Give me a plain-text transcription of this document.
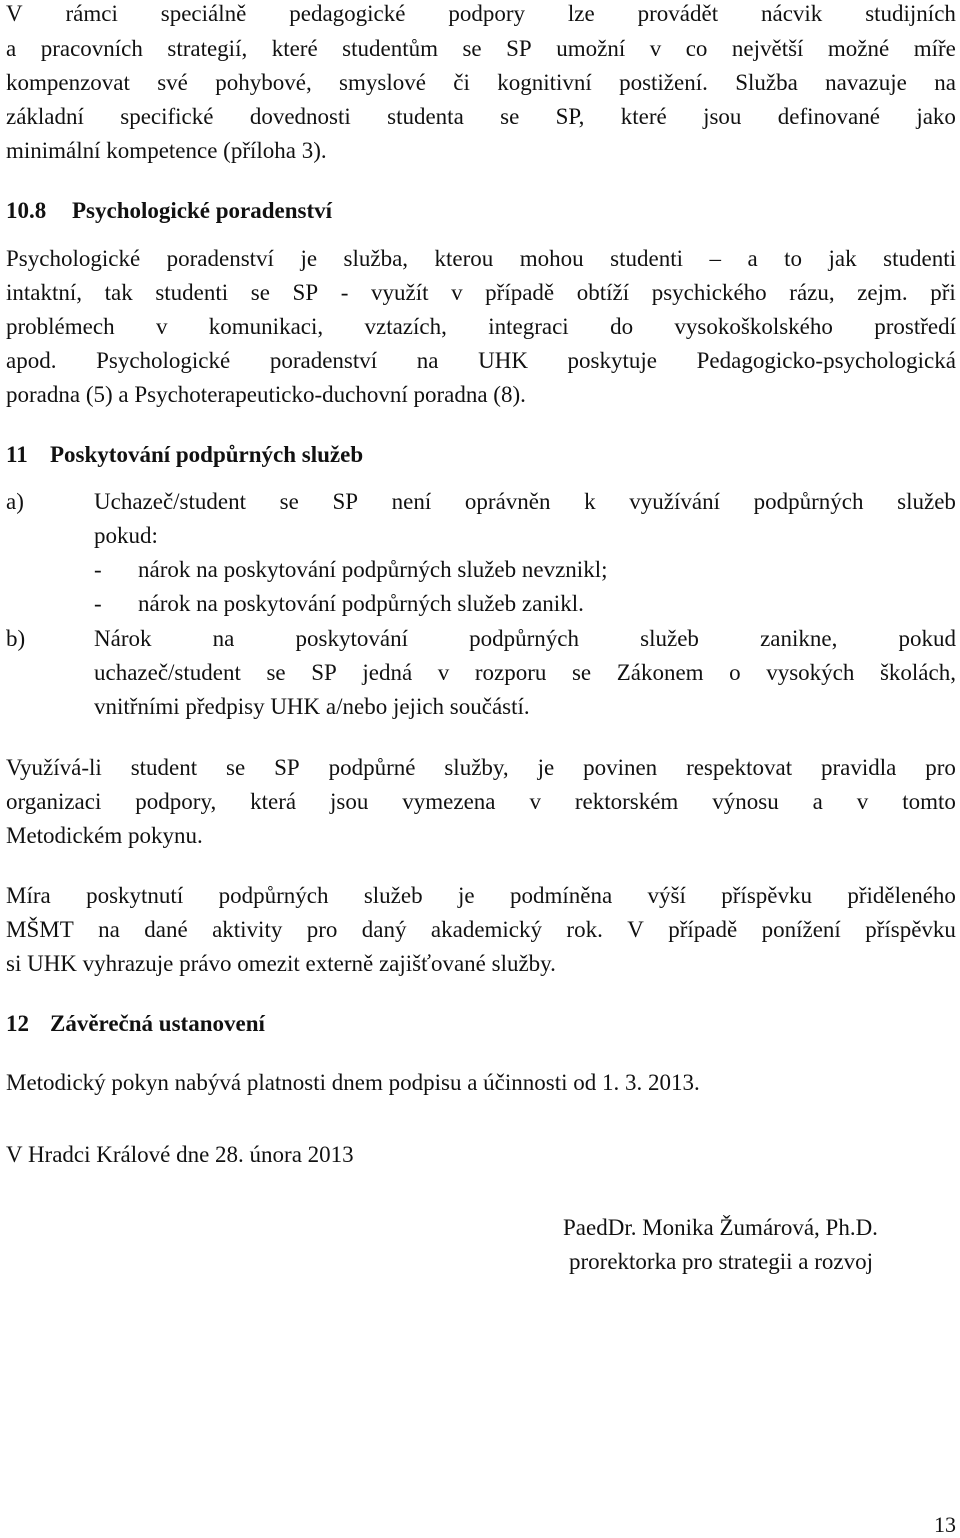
V rámci speciálně pedagogické podpory lze provádět nácvik studijních
a pracovních strategií, které studentům se SP umožní v co největší možné míře
kompenzovat své pohybové, smyslové či kognitivní postižení. Služba navazuje na
základní specifické dovednosti studenta se SP, které jsou definované jako
minimální kompetence (příloha 3).
10.8 Psychologické poradenství
Psychologické poradenství je služba, kterou mohou studenti – a to jak studenti
intaktní, tak studenti se SP - využít v případě obtíží psychického rázu, zejm. při
problémech v komunikaci, vztazích, integraci do vysokoškolského prostředí
apod. Psychologické poradenství na UHK poskytuje Pedagogicko-psychologická
poradna (5) a Psychoterapeuticko-duchovní poradna (8).
11 Poskytování podpůrných služeb
a)	Uchazeč/student se SP není oprávněn k využívání podpůrných služeb
pokud:
-	nárok na poskytování podpůrných služeb nevznikl;
-	nárok na poskytování podpůrných služeb zanikl.
b)	Nárok	na	poskytování	podpůrných	služeb	zanikne,	pokud
uchazeč/student se SP jedná v rozporu se Zákonem o vysokých školách,
vnitřními předpisy UHK a/nebo jejich součástí.
Využívá-li student se SP podpůrné služby, je povinen respektovat pravidla pro
organizaci podpory, která jsou vymezena v rektorském výnosu a v tomto
Metodickém pokynu.
Míra poskytnutí podpůrných služeb je podmíněna výší příspěvku přiděleného
MŠMT na dané aktivity pro daný akademický rok. V případě ponížení příspěvku
si UHK vyhrazuje právo omezit externě zajišťované služby.
12 Závěrečná ustanovení
Metodický pokyn nabývá platnosti dnem podpisu a účinnosti od 1. 3. 2013.
V Hradci Králové dne 28. února 2013
PaedDr. Monika Žumárová, Ph.D.
prorektorka pro strategii a rozvoj
13
